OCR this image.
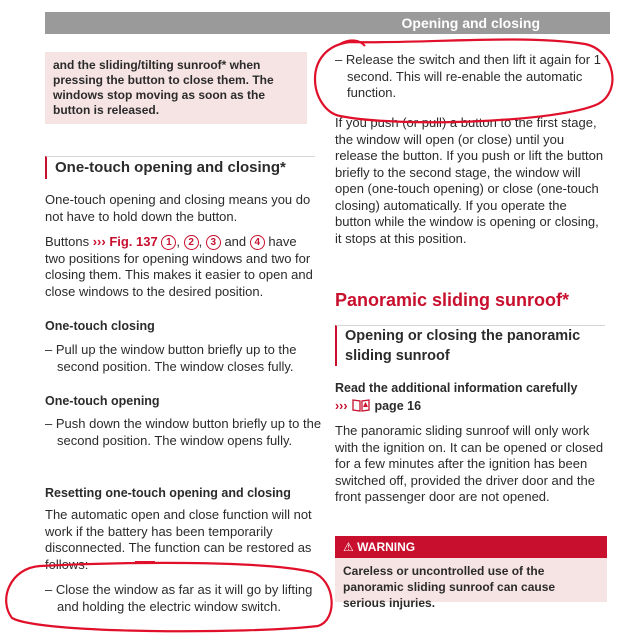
Opening and closing
and the sliding/tilting sunroof* when pressing the button to close them. The windows stop moving as soon as the button is released.
One-touch opening and closing*

One-touch opening and closing means you do not have to hold down the button.

Buttons ››› Fig. 137 1 , 2 , 3 and 4 have two positions for opening windows and two for closing them. This makes it easier to open and close windows to the desired position.

One-touch closing
– Pull up the window button briefly up to the second position. The window closes fully.
One-touch opening
– Push down the window button briefly up to the second position. The window opens fully.
Resetting one-touch opening and closing

The automatic open and close function will not work if the battery has been temporarily disconnected. The function can be restored as follows:

– Close the window as far as it will go by lifting and holding the electric window switch.
– Release the switch and then lift it again for 1 second. This will re-enable the automatic function.

If you push (or pull) a button to the first stage, the window will open (or close) until you release the button. If you push or lift the button briefly to the second stage, the window will open (one-touch opening) or close (one-touch closing) automatically. If you operate the button while the window is opening or closing, it stops at this position.

Panoramic sliding sunroof*
Opening or closing the panoramic sliding sunroof
Read the additional information carefully
››› page 16

The panoramic sliding sunroof will only work with the ignition on. It can be opened or closed for a few minutes after the ignition has been switched off, provided the driver door and the front passenger door are not opened.

⚠ WARNING
Careless or uncontrolled use of the panoramic sliding sunroof can cause serious injuries.
